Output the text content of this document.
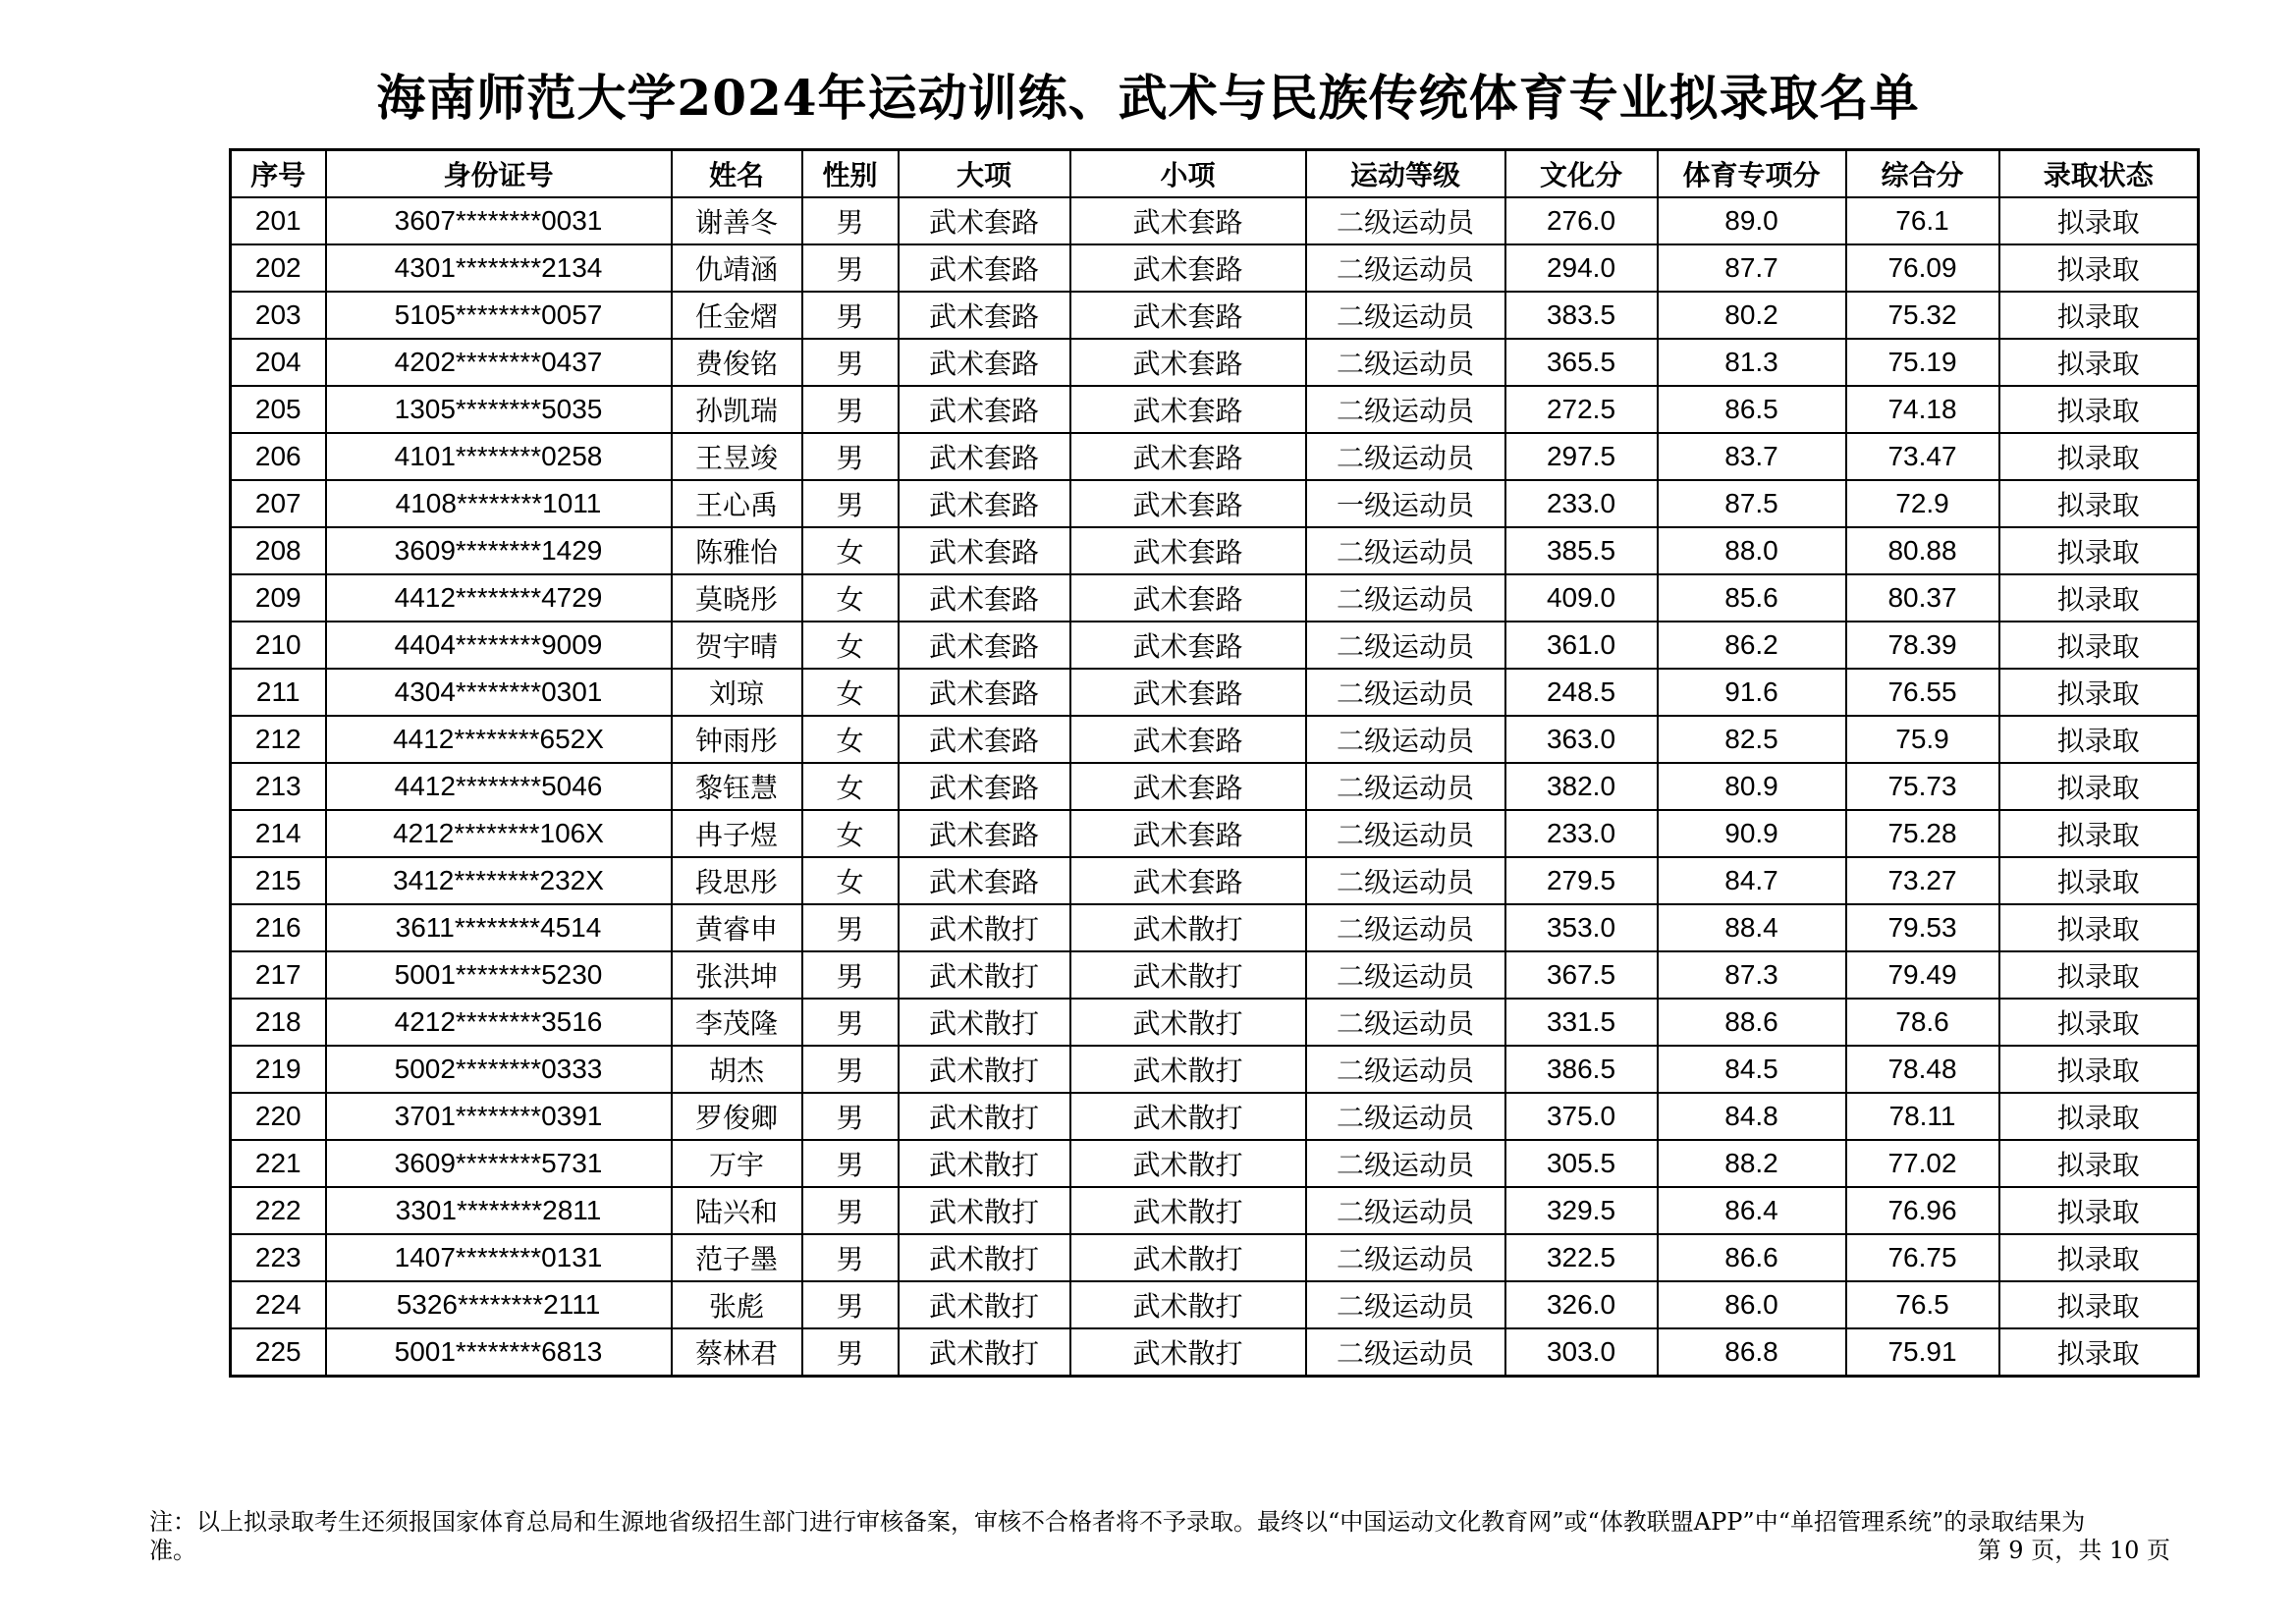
海南师范大学2024年运动训练、武术与民族传统体育专业拟录取名单
序号	身份证号	姓名	性别	大项	小项	运动等级	文化分	体育专项分	综合分	录取状态
201	3607********0031	谢善冬	男	武术套路	武术套路	二级运动员	276.0	89.0	76.1	拟录取
202	4301********2134	仇靖涵	男	武术套路	武术套路	二级运动员	294.0	87.7	76.09	拟录取
203	5105********0057	任金熠	男	武术套路	武术套路	二级运动员	383.5	80.2	75.32	拟录取
204	4202********0437	费俊铭	男	武术套路	武术套路	二级运动员	365.5	81.3	75.19	拟录取
205	1305********5035	孙凯瑞	男	武术套路	武术套路	二级运动员	272.5	86.5	74.18	拟录取
206	4101********0258	王昱竣	男	武术套路	武术套路	二级运动员	297.5	83.7	73.47	拟录取
207	4108********1011	王心禹	男	武术套路	武术套路	一级运动员	233.0	87.5	72.9	拟录取
208	3609********1429	陈雅怡	女	武术套路	武术套路	二级运动员	385.5	88.0	80.88	拟录取
209	4412********4729	莫晓彤	女	武术套路	武术套路	二级运动员	409.0	85.6	80.37	拟录取
210	4404********9009	贺宇晴	女	武术套路	武术套路	二级运动员	361.0	86.2	78.39	拟录取
211	4304********0301	刘琼	女	武术套路	武术套路	二级运动员	248.5	91.6	76.55	拟录取
212	4412********652X	钟雨彤	女	武术套路	武术套路	二级运动员	363.0	82.5	75.9	拟录取
213	4412********5046	黎钰慧	女	武术套路	武术套路	二级运动员	382.0	80.9	75.73	拟录取
214	4212********106X	冉子煜	女	武术套路	武术套路	二级运动员	233.0	90.9	75.28	拟录取
215	3412********232X	段思彤	女	武术套路	武术套路	二级运动员	279.5	84.7	73.27	拟录取
216	3611********4514	黄睿申	男	武术散打	武术散打	二级运动员	353.0	88.4	79.53	拟录取
217	5001********5230	张洪坤	男	武术散打	武术散打	二级运动员	367.5	87.3	79.49	拟录取
218	4212********3516	李茂隆	男	武术散打	武术散打	二级运动员	331.5	88.6	78.6	拟录取
219	5002********0333	胡杰	男	武术散打	武术散打	二级运动员	386.5	84.5	78.48	拟录取
220	3701********0391	罗俊卿	男	武术散打	武术散打	二级运动员	375.0	84.8	78.11	拟录取
221	3609********5731	万宇	男	武术散打	武术散打	二级运动员	305.5	88.2	77.02	拟录取
222	3301********2811	陆兴和	男	武术散打	武术散打	二级运动员	329.5	86.4	76.96	拟录取
223	1407********0131	范子墨	男	武术散打	武术散打	二级运动员	322.5	86.6	76.75	拟录取
224	5326********2111	张彪	男	武术散打	武术散打	二级运动员	326.0	86.0	76.5	拟录取
225	5001********6813	蔡林君	男	武术散打	武术散打	二级运动员	303.0	86.8	75.91	拟录取
注：以上拟录取考生还须报国家体育总局和生源地省级招生部门进行审核备案，审核不合格者将不予录取。最终以“中国运动文化教育网”或“体教联盟APP”中“单招管理系统”的录取结果为准。	第 9 页，共 10 页
